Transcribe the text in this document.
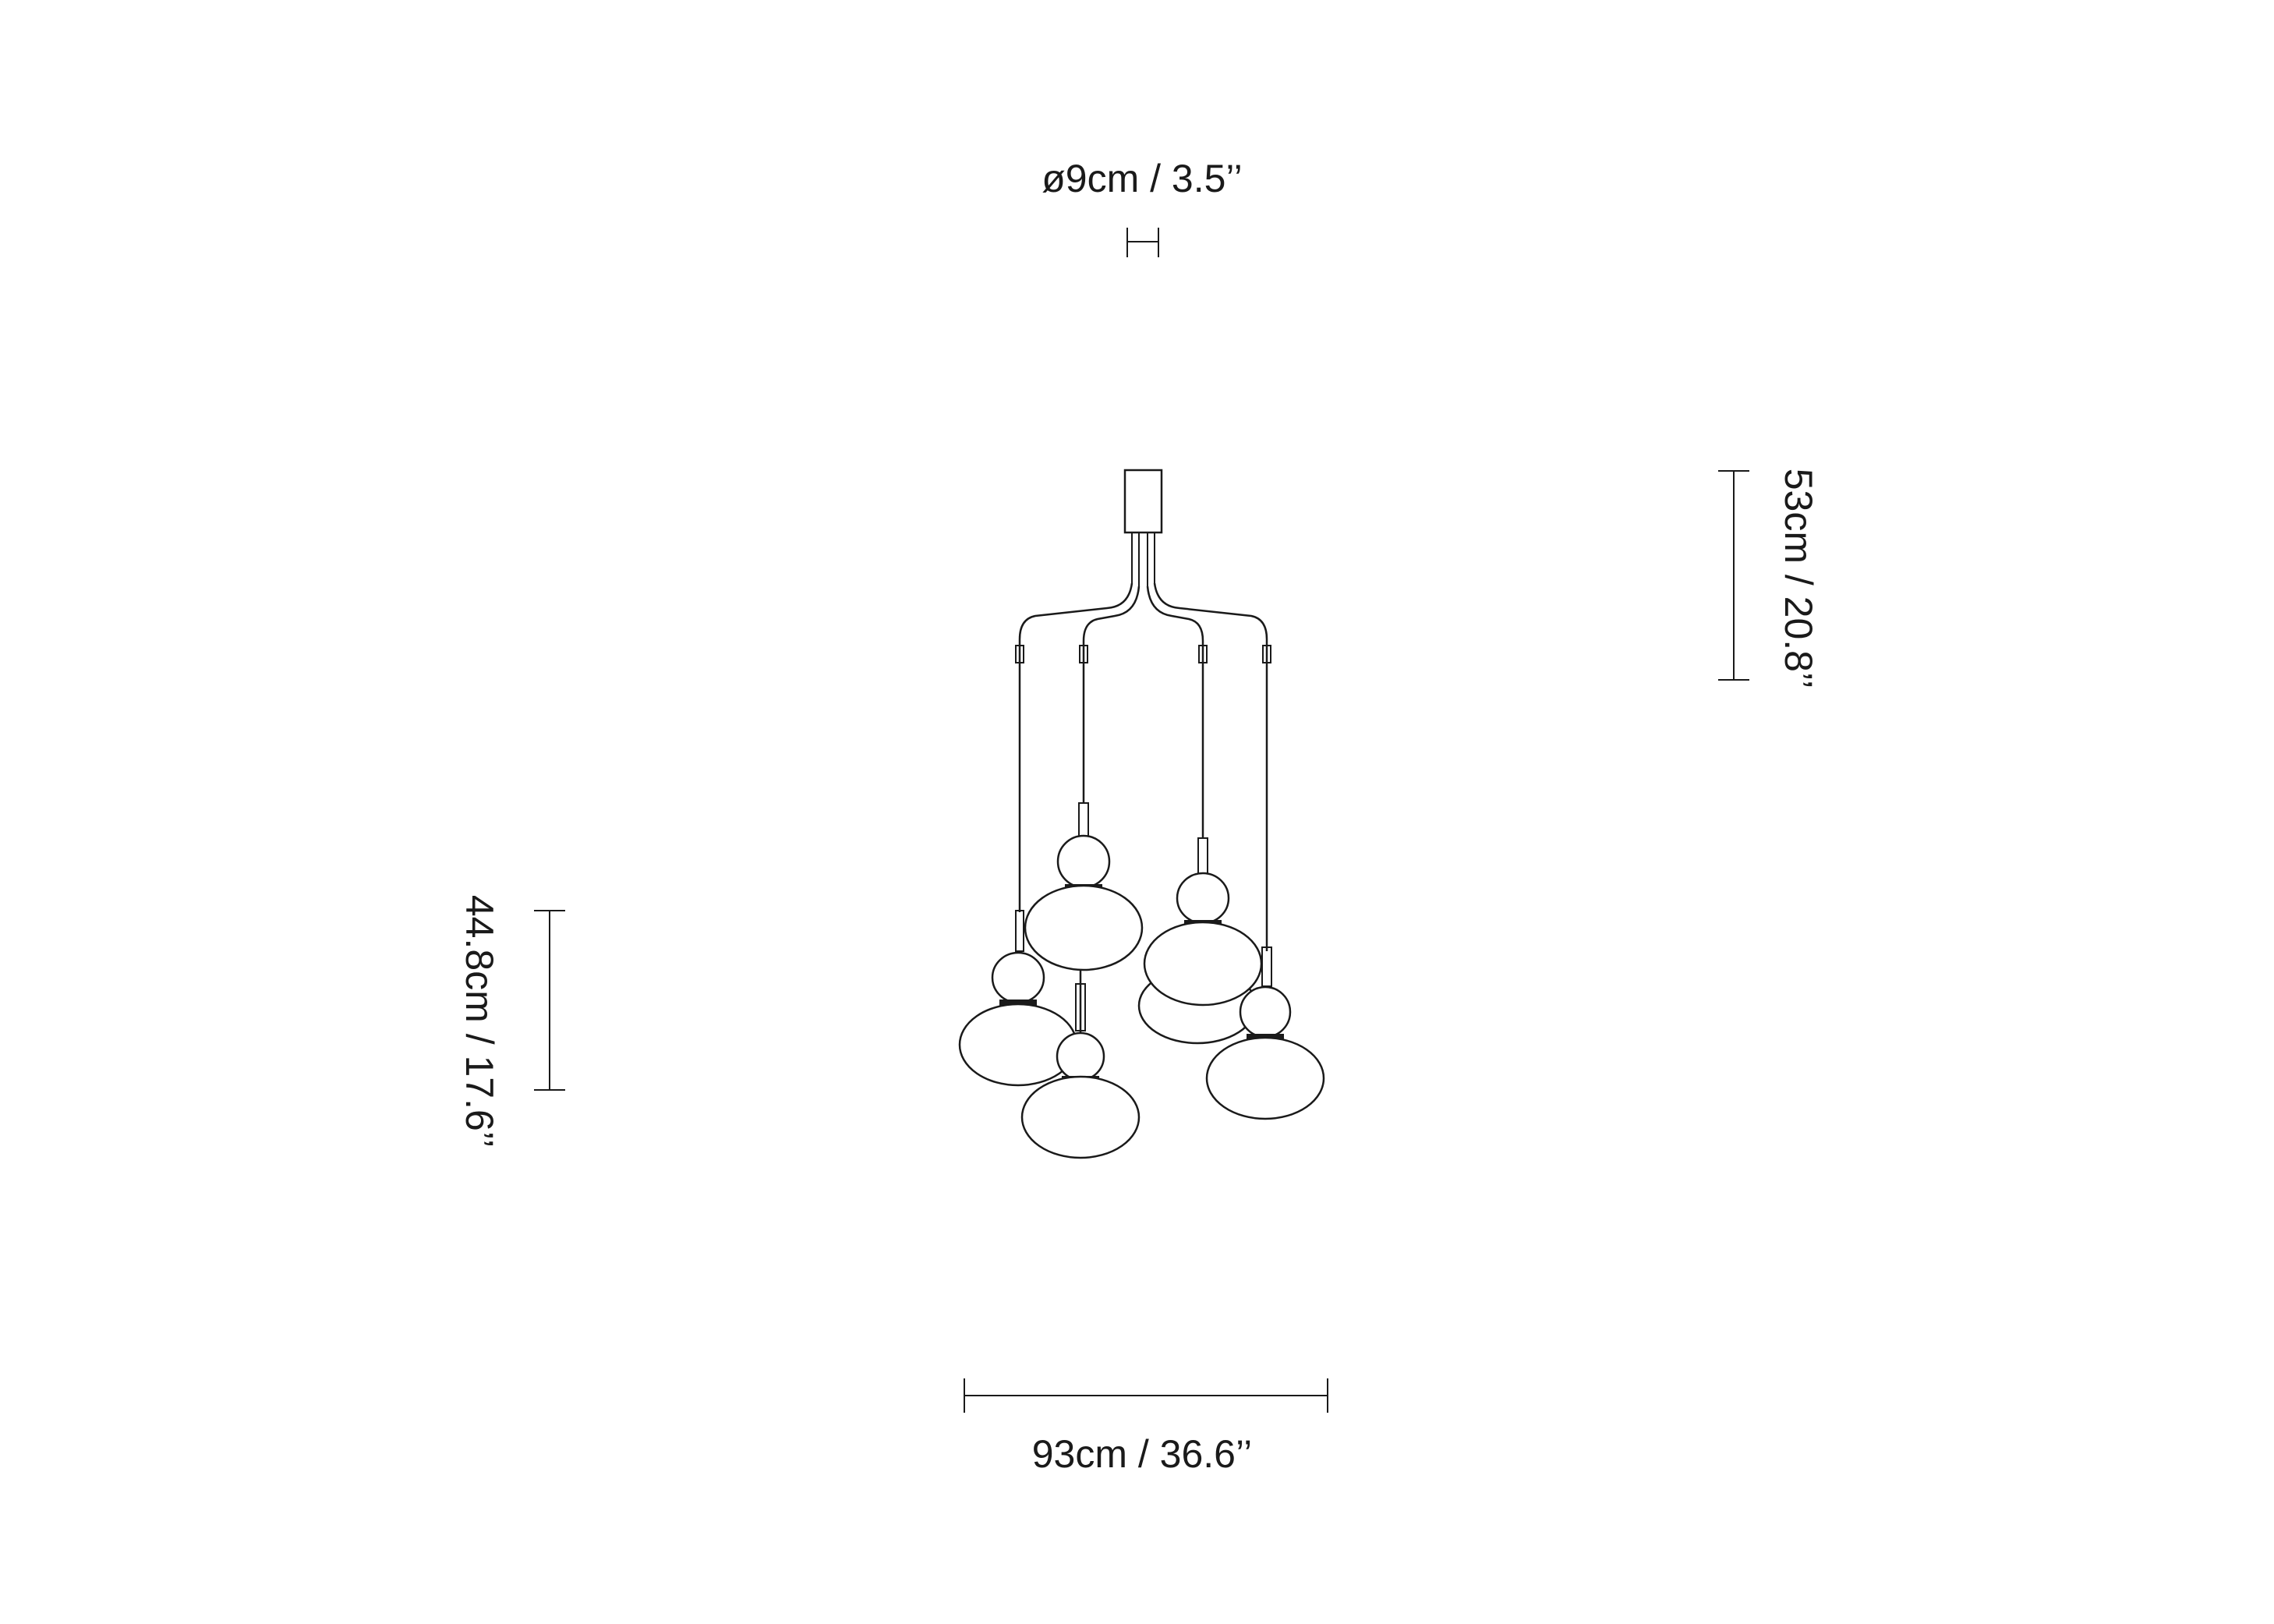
ø9cm / 3.5’’
53cm / 20.8’’
44.8cm / 17.6’’
93cm / 36.6’’
